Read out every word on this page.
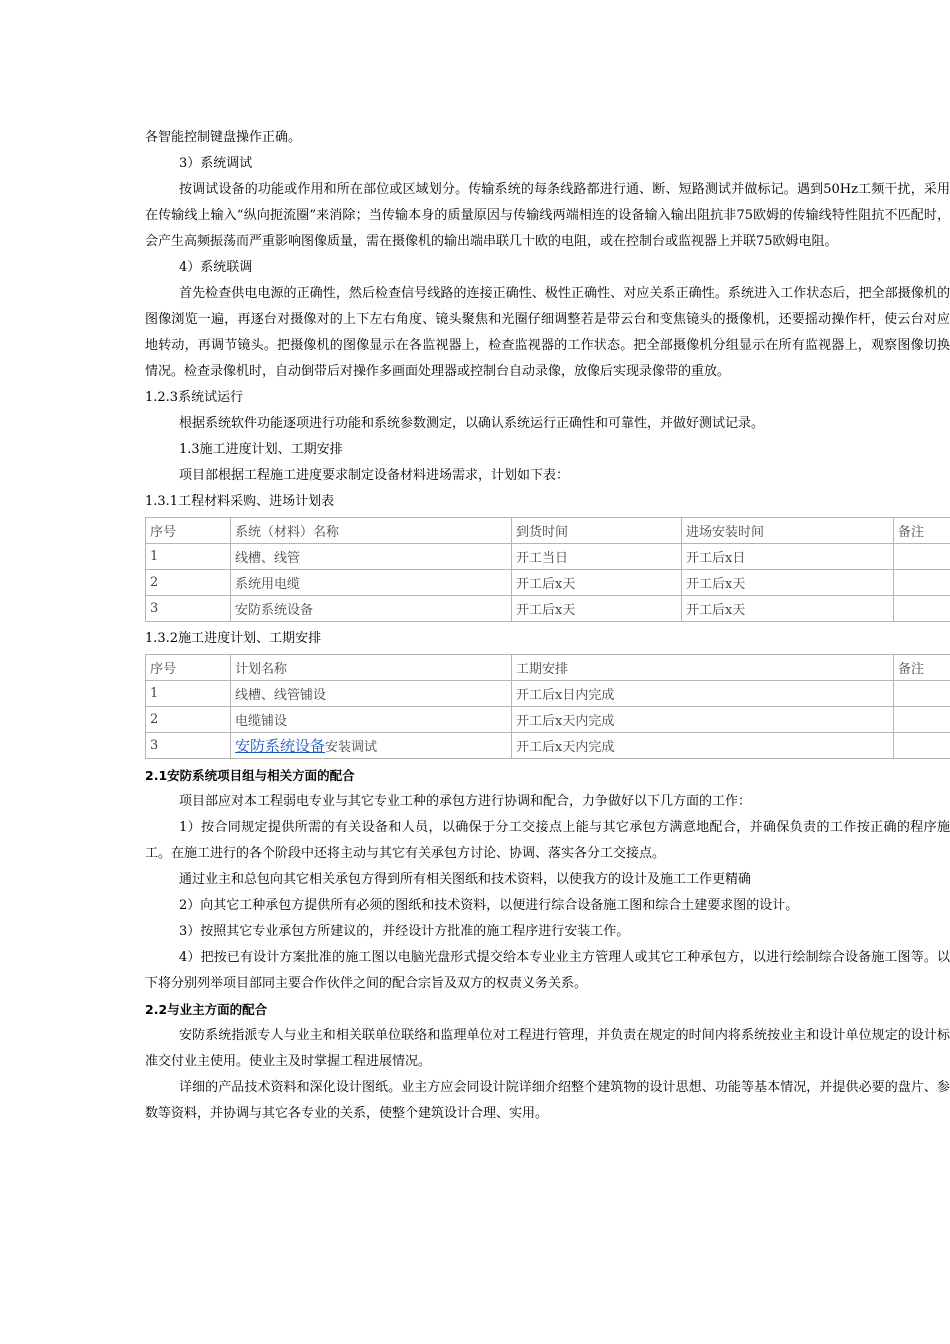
各智能控制键盘操作正确。

3）系统调试

按调试设备的功能或作用和所在部位或区域划分。传输系统的每条线路都进行通、断、短路测试并做标记。遇到50Hz工频干扰，采用在传输线上输入“纵向扼流圈”来消除；当传输本身的质量原因与传输线两端相连的设备输入输出阻抗非75欧姆的传输线特性阻抗不匹配时，会产生高频振荡而严重影响图像质量，需在摄像机的输出端串联几十欧的电阻，或在控制台或监视器上并联75欧姆电阻。

4）系统联调

首先检查供电电源的正确性，然后检查信号线路的连接正确性、极性正确性、对应关系正确性。系统进入工作状态后，把全部摄像机的图像浏览一遍，再逐台对摄像对的上下左右角度、镜头聚焦和光圈仔细调整若是带云台和变焦镜头的摄像机，还要摇动操作杆，使云台对应地转动，再调节镜头。把摄像机的图像显示在各监视器上，检查监视器的工作状态。把全部摄像机分组显示在所有监视器上，观察图像切换情况。检查录像机时，自动倒带后对操作多画面处理器或控制台自动录像，放像后实现录像带的重放。

1.2.3系统试运行

根据系统软件功能逐项进行功能和系统参数测定，以确认系统运行正确性和可靠性，并做好测试记录。

1.3施工进度计划、工期安排

项目部根据工程施工进度要求制定设备材料进场需求，计划如下表：

1.3.1工程材料采购、进场计划表

序号	系统（材料）名称	到货时间	进场安装时间	备注
1	线槽、线管	开工当日	开工后x日	
2	系统用电缆	开工后x天	开工后x天	
3	安防系统设备	开工后x天	开工后x天	

1.3.2施工进度计划、工期安排

序号	计划名称	工期安排	备注
1	线槽、线管铺设	开工后x日内完成	
2	电缆铺设	开工后x天内完成	
3	安防系统设备安装调试	开工后x天内完成	

2.1安防系统项目组与相关方面的配合

项目部应对本工程弱电专业与其它专业工种的承包方进行协调和配合，力争做好以下几方面的工作：

1）按合同规定提供所需的有关设备和人员，以确保于分工交接点上能与其它承包方满意地配合，并确保负责的工作按正确的程序施工。在施工进行的各个阶段中还将主动与其它有关承包方讨论、协调、落实各分工交接点。

通过业主和总包向其它相关承包方得到所有相关图纸和技术资料，以使我方的设计及施工工作更精确

2）向其它工种承包方提供所有必须的图纸和技术资料，以便进行综合设备施工图和综合土建要求图的设计。

3）按照其它专业承包方所建议的，并经设计方批准的施工程序进行安装工作。

4）把按已有设计方案批准的施工图以电脑光盘形式提交给本专业业主方管理人或其它工种承包方，以进行绘制综合设备施工图等。以下将分别列举项目部同主要合作伙伴之间的配合宗旨及双方的权责义务关系。

2.2与业主方面的配合

安防系统指派专人与业主和相关联单位联络和监理单位对工程进行管理，并负责在规定的时间内将系统按业主和设计单位规定的设计标准交付业主使用。使业主及时掌握工程进展情况。

详细的产品技术资料和深化设计图纸。业主方应会同设计院详细介绍整个建筑物的设计思想、功能等基本情况，并提供必要的盘片、参数等资料，并协调与其它各专业的关系，使整个建筑设计合理、实用。
